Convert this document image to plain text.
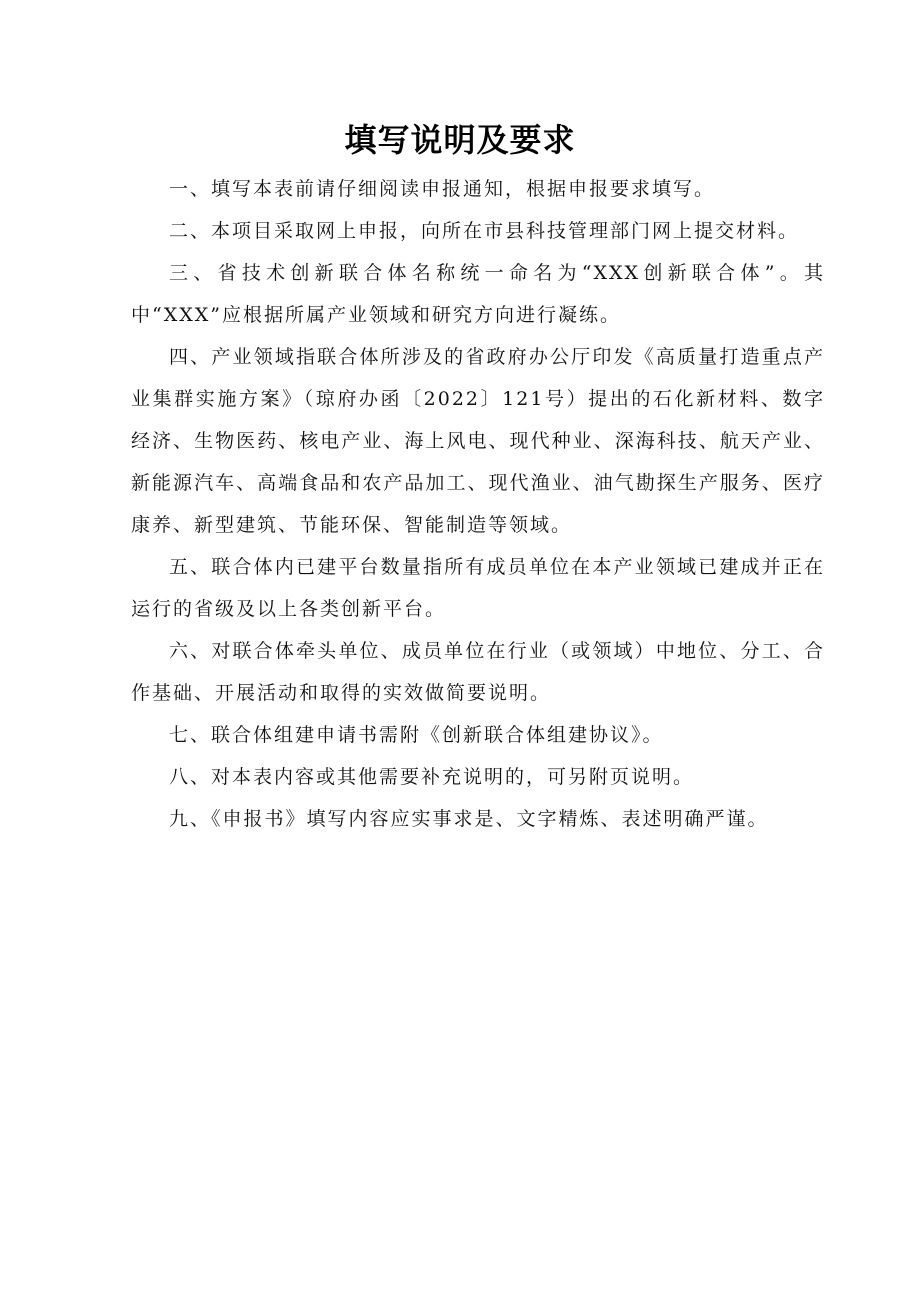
填写说明及要求

一、填写本表前请仔细阅读申报通知，根据申报要求填写。

二、本项目采取网上申报，向所在市县科技管理部门网上提交材料。

三、省技术创新联合体名称统一命名为“XXX创新联合体”。其中“XXX”应根据所属产业领域和研究方向进行凝练。

四、产业领域指联合体所涉及的省政府办公厅印发《高质量打造重点产业集群实施方案》（琼府办函〔2022〕121号）提出的石化新材料、数字经济、生物医药、核电产业、海上风电、现代种业、深海科技、航天产业、新能源汽车、高端食品和农产品加工、现代渔业、油气勘探生产服务、医疗康养、新型建筑、节能环保、智能制造等领域。

五、联合体内已建平台数量指所有成员单位在本产业领域已建成并正在运行的省级及以上各类创新平台。

六、对联合体牵头单位、成员单位在行业（或领域）中地位、分工、合作基础、开展活动和取得的实效做简要说明。

七、联合体组建申请书需附《创新联合体组建协议》。

八、对本表内容或其他需要补充说明的，可另附页说明。

九、《申报书》填写内容应实事求是、文字精炼、表述明确严谨。
